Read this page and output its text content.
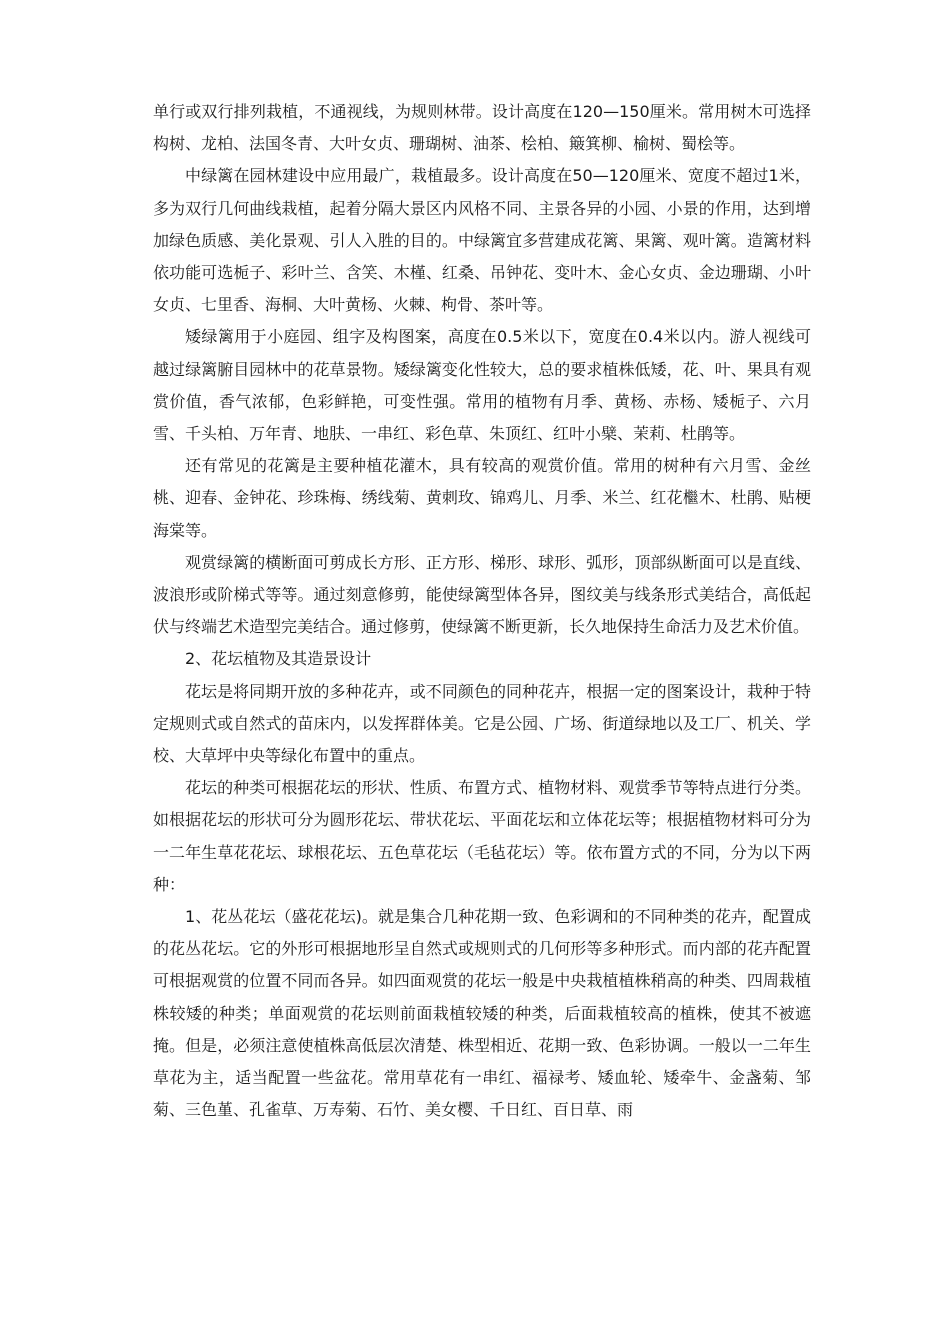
单行或双行排列栽植，不通视线，为规则林带。设计高度在120—150厘米。常用树木可选择构树、龙柏、法国冬青、大叶女贞、珊瑚树、油茶、桧柏、簸箕柳、榆树、蜀桧等。

中绿篱在园林建设中应用最广，栽植最多。设计高度在50—120厘米、宽度不超过1米，多为双行几何曲线栽植，起着分隔大景区内风格不同、主景各异的小园、小景的作用，达到增加绿色质感、美化景观、引人入胜的目的。中绿篱宜多营建成花篱、果篱、观叶篱。造篱材料依功能可选栀子、彩叶兰、含笑、木槿、红桑、吊钟花、变叶木、金心女贞、金边珊瑚、小叶女贞、七里香、海桐、大叶黄杨、火棘、枸骨、茶叶等。

矮绿篱用于小庭园、组字及构图案，高度在0.5米以下，宽度在0.4米以内。游人视线可越过绿篱腑目园林中的花草景物。矮绿篱变化性较大，总的要求植株低矮，花、叶、果具有观赏价值，香气浓郁，色彩鲜艳，可变性强。常用的植物有月季、黄杨、赤杨、矮栀子、六月雪、千头柏、万年青、地肤、一串红、彩色草、朱顶红、红叶小檗、茉莉、杜鹃等。

还有常见的花篱是主要种植花灌木，具有较高的观赏价值。常用的树种有六月雪、金丝桃、迎春、金钟花、珍珠梅、绣线菊、黄刺玫、锦鸡儿、月季、米兰、红花檵木、杜鹃、贴梗海棠等。

观赏绿篱的横断面可剪成长方形、正方形、梯形、球形、弧形，顶部纵断面可以是直线、波浪形或阶梯式等等。通过刻意修剪，能使绿篱型体各异，图纹美与线条形式美结合，高低起伏与终端艺术造型完美结合。通过修剪，使绿篱不断更新，长久地保持生命活力及艺术价值。

2、花坛植物及其造景设计

花坛是将同期开放的多种花卉，或不同颜色的同种花卉，根据一定的图案设计，栽种于特定规则式或自然式的苗床内，以发挥群体美。它是公园、广场、街道绿地以及工厂、机关、学校、大草坪中央等绿化布置中的重点。

花坛的种类可根据花坛的形状、性质、布置方式、植物材料、观赏季节等特点进行分类。如根据花坛的形状可分为圆形花坛、带状花坛、平面花坛和立体花坛等；根据植物材料可分为一二年生草花花坛、球根花坛、五色草花坛（毛毡花坛）等。依布置方式的不同，分为以下两种：

1、花丛花坛（盛花花坛)。就是集合几种花期一致、色彩调和的不同种类的花卉，配置成的花丛花坛。它的外形可根据地形呈自然式或规则式的几何形等多种形式。而内部的花卉配置可根据观赏的位置不同而各异。如四面观赏的花坛一般是中央栽植植株稍高的种类、四周栽植株较矮的种类；单面观赏的花坛则前面栽植较矮的种类，后面栽植较高的植株，使其不被遮掩。但是，必须注意使植株高低层次清楚、株型相近、花期一致、色彩协调。一般以一二年生草花为主，适当配置一些盆花。常用草花有一串红、福禄考、矮血轮、矮牵牛、金盏菊、邹菊、三色堇、孔雀草、万寿菊、石竹、美女樱、千日红、百日草、雨
